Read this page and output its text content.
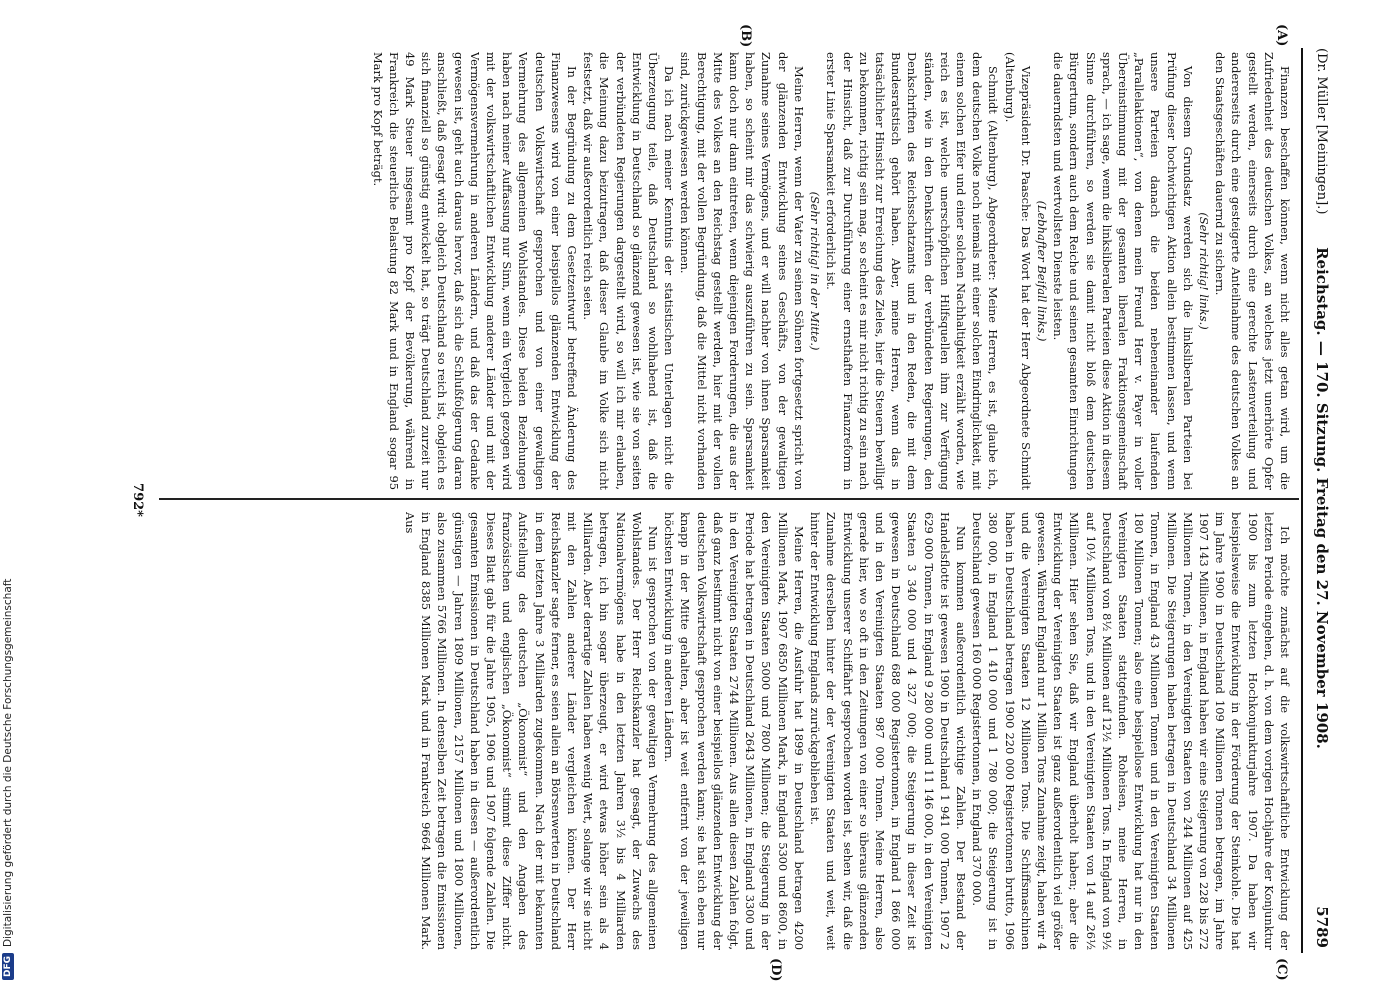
(Dr. Müller [Meiningen].)
Reichstag. — 170. Sitzung. Freitag den 27. November 1908.
5789
(A)
(B)
(C)
(D)

Finanzen beschaffen können, wenn nicht alles getan wird, um die Zufriedenheit des deutschen Volkes, an welches jetzt unerhörte Opfer gestellt werden, einerseits durch eine gerechte Lastenverteilung und andererseits durch eine gesteigerte Anteilnahme des deutschen Volkes an den Staatsgeschäften dauernd zu sichern.

(Sehr richtig! links.)

Von diesem Grundsatz werden sich die linksliberalen Parteien bei Prüfung dieser hochwichtigen Aktion allein bestimmen lassen, und wenn unsere Parteien danach die beiden nebeneinander laufenden „Parallelaktionen“, von denen mein Freund Herr v. Payer in voller Übereinstimmung mit der gesamten liberalen Fraktionsgemeinschaft sprach, — ich sage, wenn die linksliberalen Parteien diese Aktion in diesem Sinne durchführen, so werden sie damit nicht bloß dem deutschen Bürgertum, sondern auch dem Reiche und seinen gesamten Einrichtungen die dauerndsten und wertvollsten Dienste leisten.

(Lebhafter Beifall links.)

Vizepräsident Dr. Paasche: Das Wort hat der Herr Abgeordnete Schmidt (Altenburg).

Schmidt (Altenburg), Abgeordneter: Meine Herren, es ist, glaube ich, dem deutschen Volke noch niemals mit einer solchen Eindringlichkeit, mit einem solchen Eifer und einer solchen Nachhaltigkeit erzählt worden, wie reich es ist, welche unerschöpflichen Hilfsquellen ihm zur Verfügung ständen, wie in den Denkschriften der verbündeten Regierungen, den Denkschriften des Reichsschatzamts und in den Reden, die mit dem Bundesratstisch gehört haben. Aber, meine Herren, wenn das in tatsächlicher Hinsicht zur Erreichung des Zieles, hier die Steuern bewilligt zu bekommen, richtig sein mag, so scheint es mir nicht richtig zu sein nach der Hinsicht, daß zur Durchführung einer ernsthaften Finanzreform in erster Linie Sparsamkeit erforderlich ist.

(Sehr richtig! in der Mitte.)

Meine Herren, wenn der Vater zu seinen Söhnen fortgesetzt spricht von der glänzenden Entwicklung seines Geschäfts, von der gewaltigen Zunahme seines Vermögens, und er will nachher von ihnen Sparsamkeit haben, so scheint mir das schwierig auszuführen zu sein. Sparsamkeit kann doch nur dann eintreten, wenn diejenigen Forderungen, die aus der Mitte des Volkes an den Reichstag gestellt werden, hier mit der vollen Berechtigung, mit der vollen Begründung, daß die Mittel nicht vorhanden sind, zurückgewiesen werden können.

Da ich nach meiner Kenntnis der statistischen Unterlagen nicht die Überzeugung teile, daß Deutschland so wohlhabend ist, daß die Entwicklung in Deutschland so glänzend gewesen ist, wie sie von seiten der verbündeten Regierungen dargestellt wird, so will ich mir erlauben, die Meinung dazu beizutragen, daß dieser Glaube im Volke sich nicht festsetzt, daß wir außerordentlich reich seien.

In der Begründung zu dem Gesetzentwurf betreffend Änderung des Finanzwesens wird von einer beispiellos glänzenden Entwicklung der deutschen Volkswirtschaft gesprochen und von einer gewaltigen Vermehrung des allgemeinen Wohlstandes. Diese beiden Beziehungen haben nach meiner Auffassung nur Sinn, wenn ein Vergleich gezogen wird mit der volkswirtschaftlichen Entwicklung anderer Länder und mit der Vermögensvermehrung in anderen Ländern, und daß das der Gedanke gewesen ist, geht auch daraus hervor, daß sich die Schlußfolgerung daran anschließt, daß gesagt wird: obgleich Deutschland so reich ist, obgleich es sich finanziell so günstig entwickelt hat, so trägt Deutschland zurzeit nur 49 Mark Steuer insgesamt pro Kopf der Bevölkerung, während in Frankreich die steuerliche Belastung 82 Mark und in England sogar 95 Mark pro Kopf beträgt.

Ich möchte zunächst auf die volkswirtschaftliche Entwicklung der letzten Periode eingehen, d. h. von dem vorigen Hochjahre der Konjunktur 1900 bis zum letzten Hochkonjunkturjahre 1907. Da haben wir beispielsweise die Entwicklung in der Förderung der Steinkohle. Die hat im Jahre 1900 in Deutschland 109 Millionen Tonnen betragen, im Jahre 1907 143 Millionen, in England haben wir eine Steigerung von 228 bis 272 Millionen Tonnen, in den Vereinigten Staaten von 244 Millionen auf 425 Millionen. Die Steigerungen haben betragen in Deutschland 34 Millionen Tonnen, in England 43 Millionen Tonnen und in den Vereinigten Staaten 180 Millionen Tonnen; also eine beispiellose Entwicklung hat nur in den Vereinigten Staaten stattgefunden. Roheisen, meine Herren, in Deutschland von 8½ Millionen auf 12½ Millionen Tons. In England von 9½ auf 10½ Millionen Tons, und in den Vereinigten Staaten von 14 auf 26½ Millionen. Hier sehen Sie, daß wir England überholt haben; aber die Entwicklung der Vereinigten Staaten ist ganz außerordentlich viel größer gewesen. Während England nur 1 Million Tons Zunahme zeigt, haben wir 4 und die Vereinigten Staaten 12 Millionen Tons. Die Schiffsmaschinen haben in Deutschland betragen 1900 220 000 Registertonnen brutto, 1906 380 000, in England 1 410 000 und 1 780 000; die Steigerung ist in Deutschland gewesen 160 000 Registertonnen, in England 370 000.

Nun kommen außerordentlich wichtige Zahlen. Der Bestand der Handelsflotte ist gewesen 1900 in Deutschland 1 941 000 Tonnen, 1907 2 629 000 Tonnen, in England 9 280 000 und 11 146 000, in den Vereinigten Staaten 3 340 000 und 4 327 000; die Steigerung in dieser Zeit ist gewesen in Deutschland 688 000 Registertonnen, in England 1 866 000 und in den Vereinigten Staaten 987 000 Tonnen. Meine Herren, also gerade hier, wo so oft in den Zeitungen von einer so überaus glänzenden Entwicklung unserer Schiffahrt gesprochen worden ist, sehen wir, daß die Zunahme derselben hinter der der Vereinigten Staaten und weit, weit hinter der Entwicklung Englands zurückgeblieben ist.

Meine Herren, die Ausfuhr hat 1899 in Deutschland betragen 4200 Millionen Mark, 1907 6850 Millionen Mark, in England 5300 und 8600, in den Vereinigten Staaten 5000 und 7800 Millionen; die Steigerung in der Periode hat betragen in Deutschland 2643 Millionen, in England 3300 und in den Vereinigten Staaten 2744 Millionen. Aus allen diesen Zahlen folgt, daß ganz bestimmt nicht von einer beispiellos glänzenden Entwicklung der deutschen Volkswirtschaft gesprochen werden kann; sie hat sich eben nur knapp in der Mitte gehalten, aber ist weit entfernt von der jeweiligen höchsten Entwicklung in anderen Ländern.

Nun ist gesprochen von der gewaltigen Vermehrung des allgemeinen Wohlstandes. Der Herr Reichskanzler hat gesagt, der Zuwachs des Nationalvermögens habe in den letzten Jahren 3½ bis 4 Milliarden betragen, ich bin sogar überzeugt, er wird etwas höher sein als 4 Milliarden. Aber derartige Zahlen haben wenig Wert, solange wir sie nicht mit den Zahlen anderer Länder vergleichen können. Der Herr Reichskanzler sagte ferner, es seien allein an Börsenwerten in Deutschland in dem letzten Jahre 3 Milliarden zugekommen. Nach der mit bekannten Aufstellung des deutschen „Ökonomist“ und den Angaben des französischen und englischen „Ökonomist“ stimmt diese Ziffer nicht. Dieses Blatt gab für die Jahre 1905, 1906 und 1907 folgende Zahlen. Die gesamten Emissionen in Deutschland haben in diesen — außerordentlich günstigen — Jahren 1809 Millionen, 2157 Millionen und 1800 Millionen, also zusammen 5766 Millionen. In denselben Zeit betragen die Emissionen in England 8385 Millionen Mark und in Frankreich 9664 Millionen Mark. Aus

792*
DFG
Digitalisierung gefördert durch die Deutsche Forschungsgemeinschaft
